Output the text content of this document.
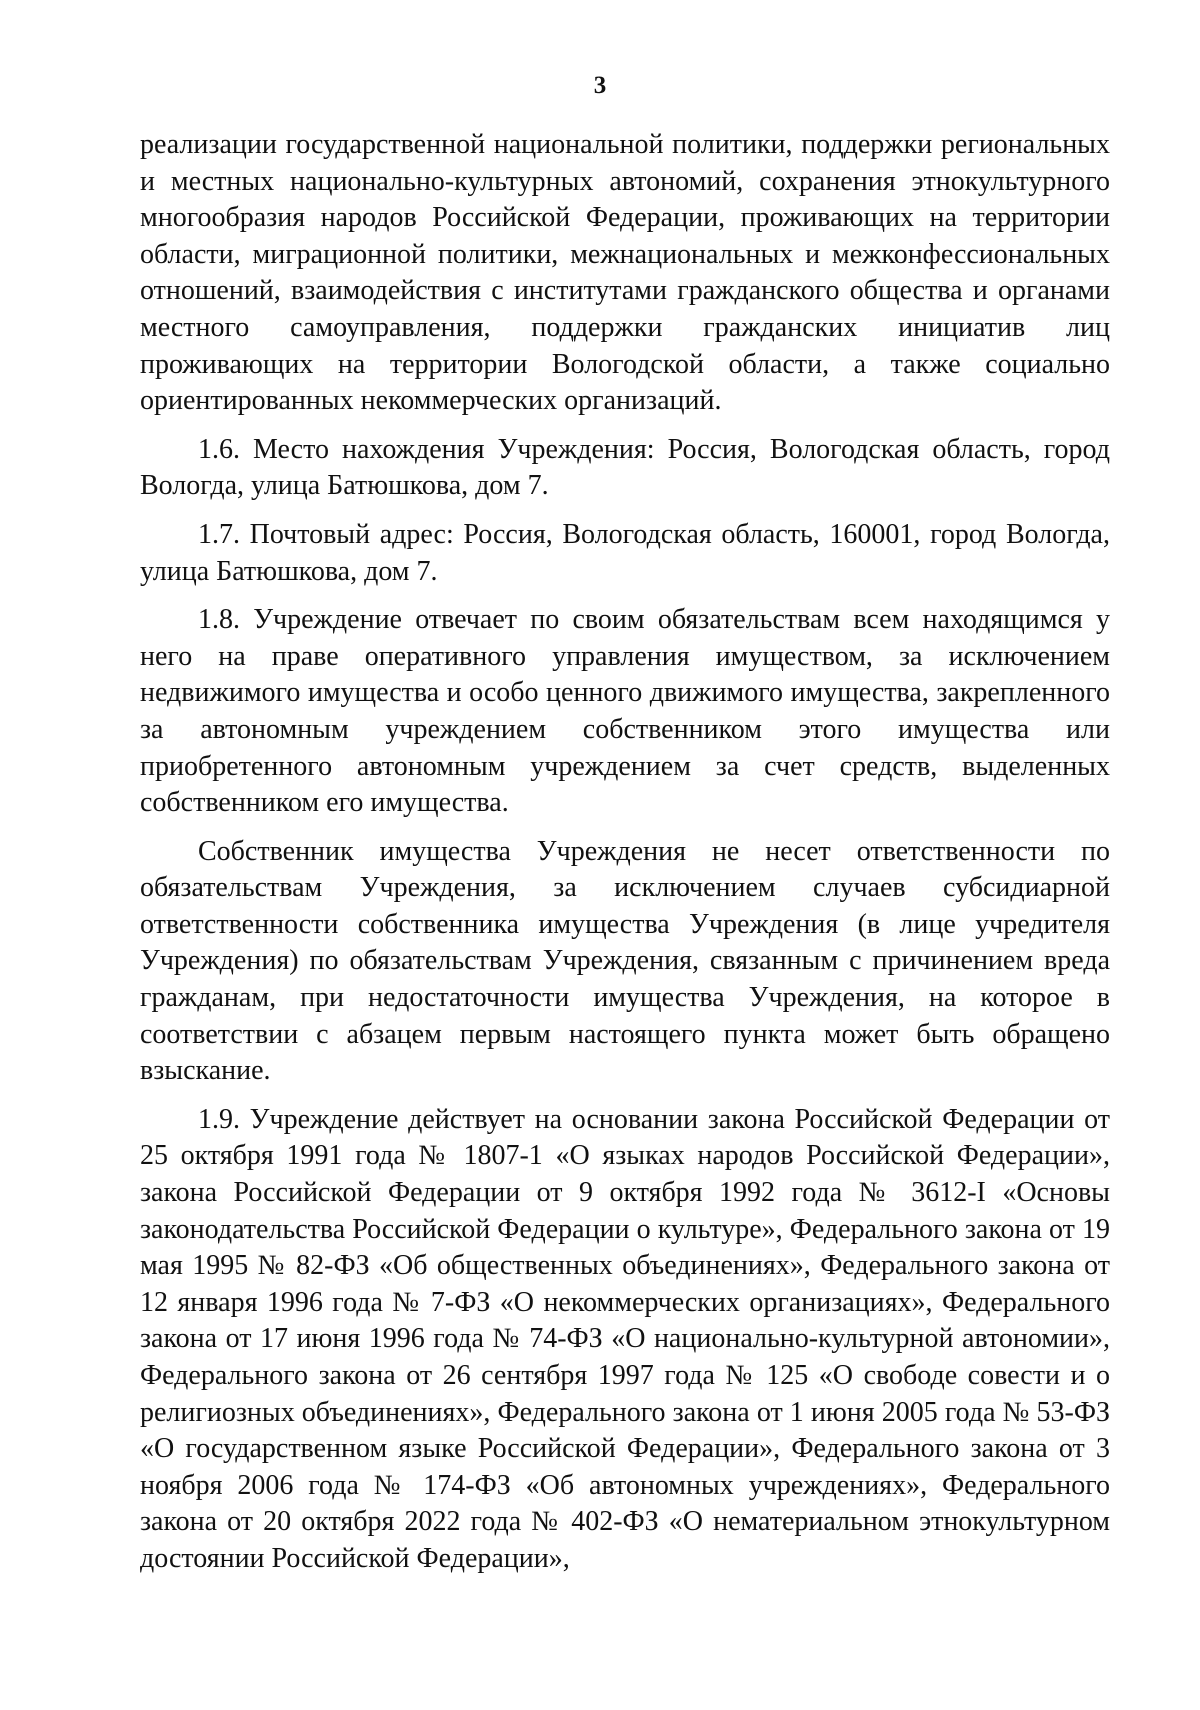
3

реализации государственной национальной политики, поддержки региональных и местных национально-культурных автономий, сохранения этнокультурного многообразия народов Российской Федерации, проживающих на территории области, миграционной политики, межнациональных и межконфессиональных отношений, взаимодействия с институтами гражданского общества и органами местного самоуправления, поддержки гражданских инициатив лиц проживающих на территории Вологодской области, а также социально ориентированных некоммерческих организаций.

1.6. Место нахождения Учреждения: Россия, Вологодская область, город Вологда, улица Батюшкова, дом 7.

1.7. Почтовый адрес: Россия, Вологодская область, 160001, город Вологда, улица Батюшкова, дом 7.

1.8. Учреждение отвечает по своим обязательствам всем находящимся у него на праве оперативного управления имуществом, за исключением недвижимого имущества и особо ценного движимого имущества, закрепленного за автономным учреждением собственником этого имущества или приобретенного автономным учреждением за счет средств, выделенных собственником его имущества.

Собственник имущества Учреждения не несет ответственности по обязательствам Учреждения, за исключением случаев субсидиарной ответственности собственника имущества Учреждения (в лице учредителя Учреждения) по обязательствам Учреждения, связанным с причинением вреда гражданам, при недостаточности имущества Учреждения, на которое в соответствии с абзацем первым настоящего пункта может быть обращено взыскание.

1.9. Учреждение действует на основании закона Российской Федерации от 25 октября 1991 года № 1807-1 «О языках народов Российской Федерации», закона Российской Федерации от 9 октября 1992 года № 3612-I «Основы законодательства Российской Федерации о культуре», Федерального закона от 19 мая 1995 № 82-ФЗ «Об общественных объединениях», Федерального закона от 12 января 1996 года № 7-ФЗ «О некоммерческих организациях», Федерального закона от 17 июня 1996 года № 74-ФЗ «О национально-культурной автономии», Федерального закона от 26 сентября 1997 года № 125 «О свободе совести и о религиозных объединениях», Федерального закона от 1 июня 2005 года № 53-ФЗ «О государственном языке Российской Федерации», Федерального закона от 3 ноября 2006 года № 174-ФЗ «Об автономных учреждениях», Федерального закона от 20 октября 2022 года № 402-ФЗ «О нематериальном этнокультурном достоянии Российской Федерации»,
